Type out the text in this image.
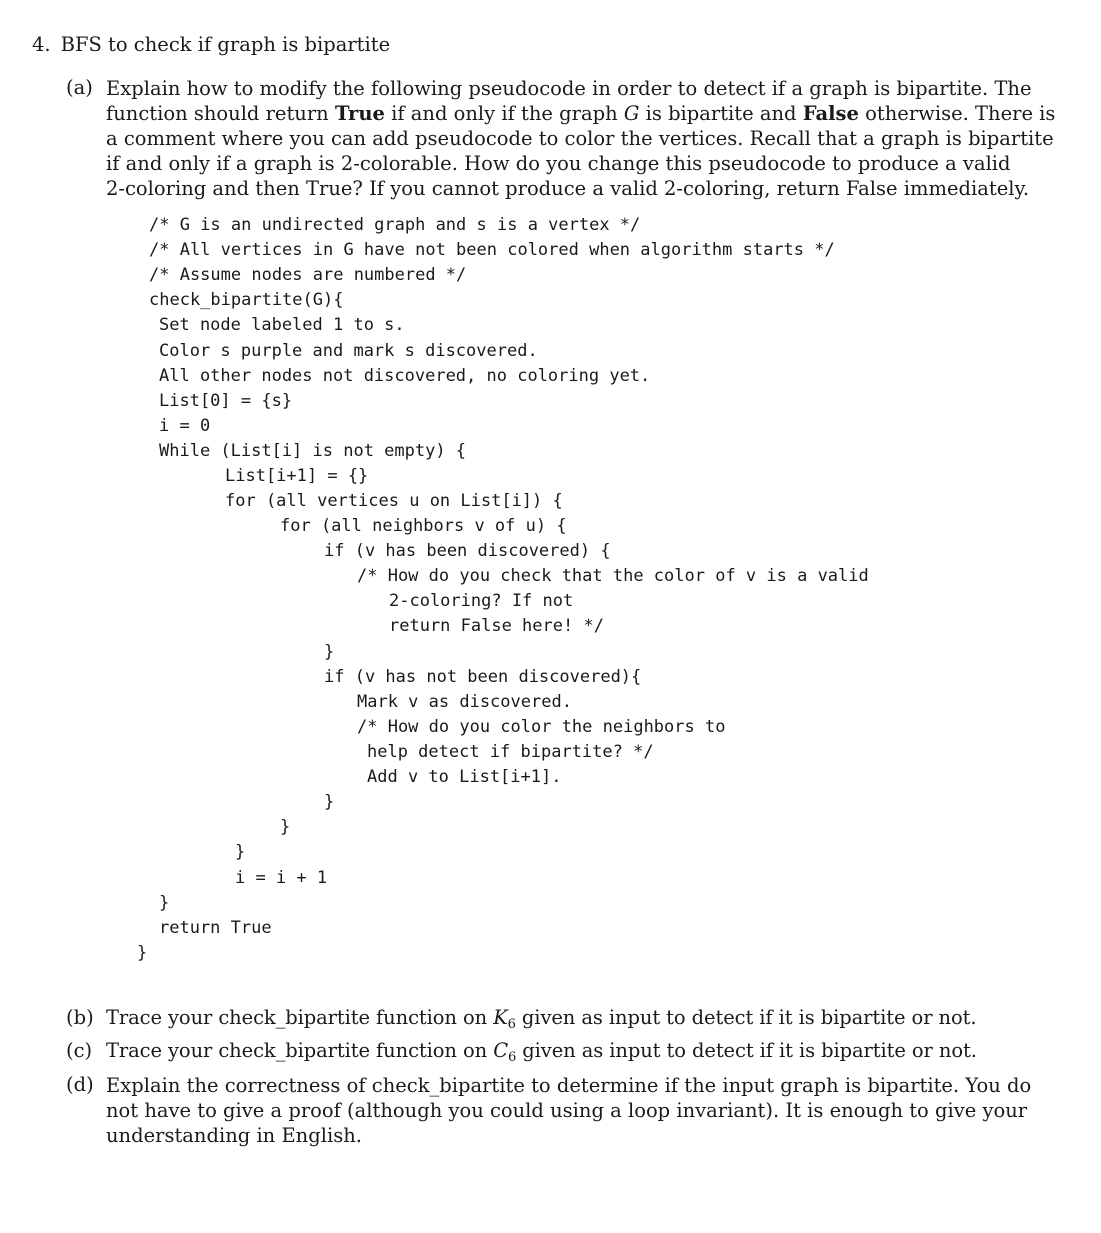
4. BFS to check if graph is bipartite
(a) Explain how to modify the following pseudocode in order to detect if a graph is bipartite. The
function should return True if and only if the graph G is bipartite and False otherwise. There is
a comment where you can add pseudocode to color the vertices. Recall that a graph is bipartite
if and only if a graph is 2-colorable. How do you change this pseudocode to produce a valid
2-coloring and then True? If you cannot produce a valid 2-coloring, return False immediately.
/* G is an undirected graph and s is a vertex */
/* All vertices in G have not been colored when algorithm starts */
/* Assume nodes are numbered */
check_bipartite(G){
Set node labeled 1 to s.
Color s purple and mark s discovered.
All other nodes not discovered, no coloring yet.
List[0] = {s}
i = 0
While (List[i] is not empty) {
List[i+1] = {}
for (all vertices u on List[i]) {
for (all neighbors v of u) {
if (v has been discovered) {
/* How do you check that the color of v is a valid
2-coloring? If not
return False here! */
}
if (v has not been discovered){
Mark v as discovered.
/* How do you color the neighbors to
help detect if bipartite? */
Add v to List[i+1].
}
}
}
i = i + 1
}
return True
}
(b) Trace your check_bipartite function on $K_6$ given as input to detect if it is bipartite or not.
(c) Trace your check_bipartite function on $C_6$ given as input to detect if it is bipartite or not.
(d) Explain the correctness of check_bipartite to determine if the input graph is bipartite. You do
not have to give a proof (although you could using a loop invariant). It is enough to give your
understanding in English.
